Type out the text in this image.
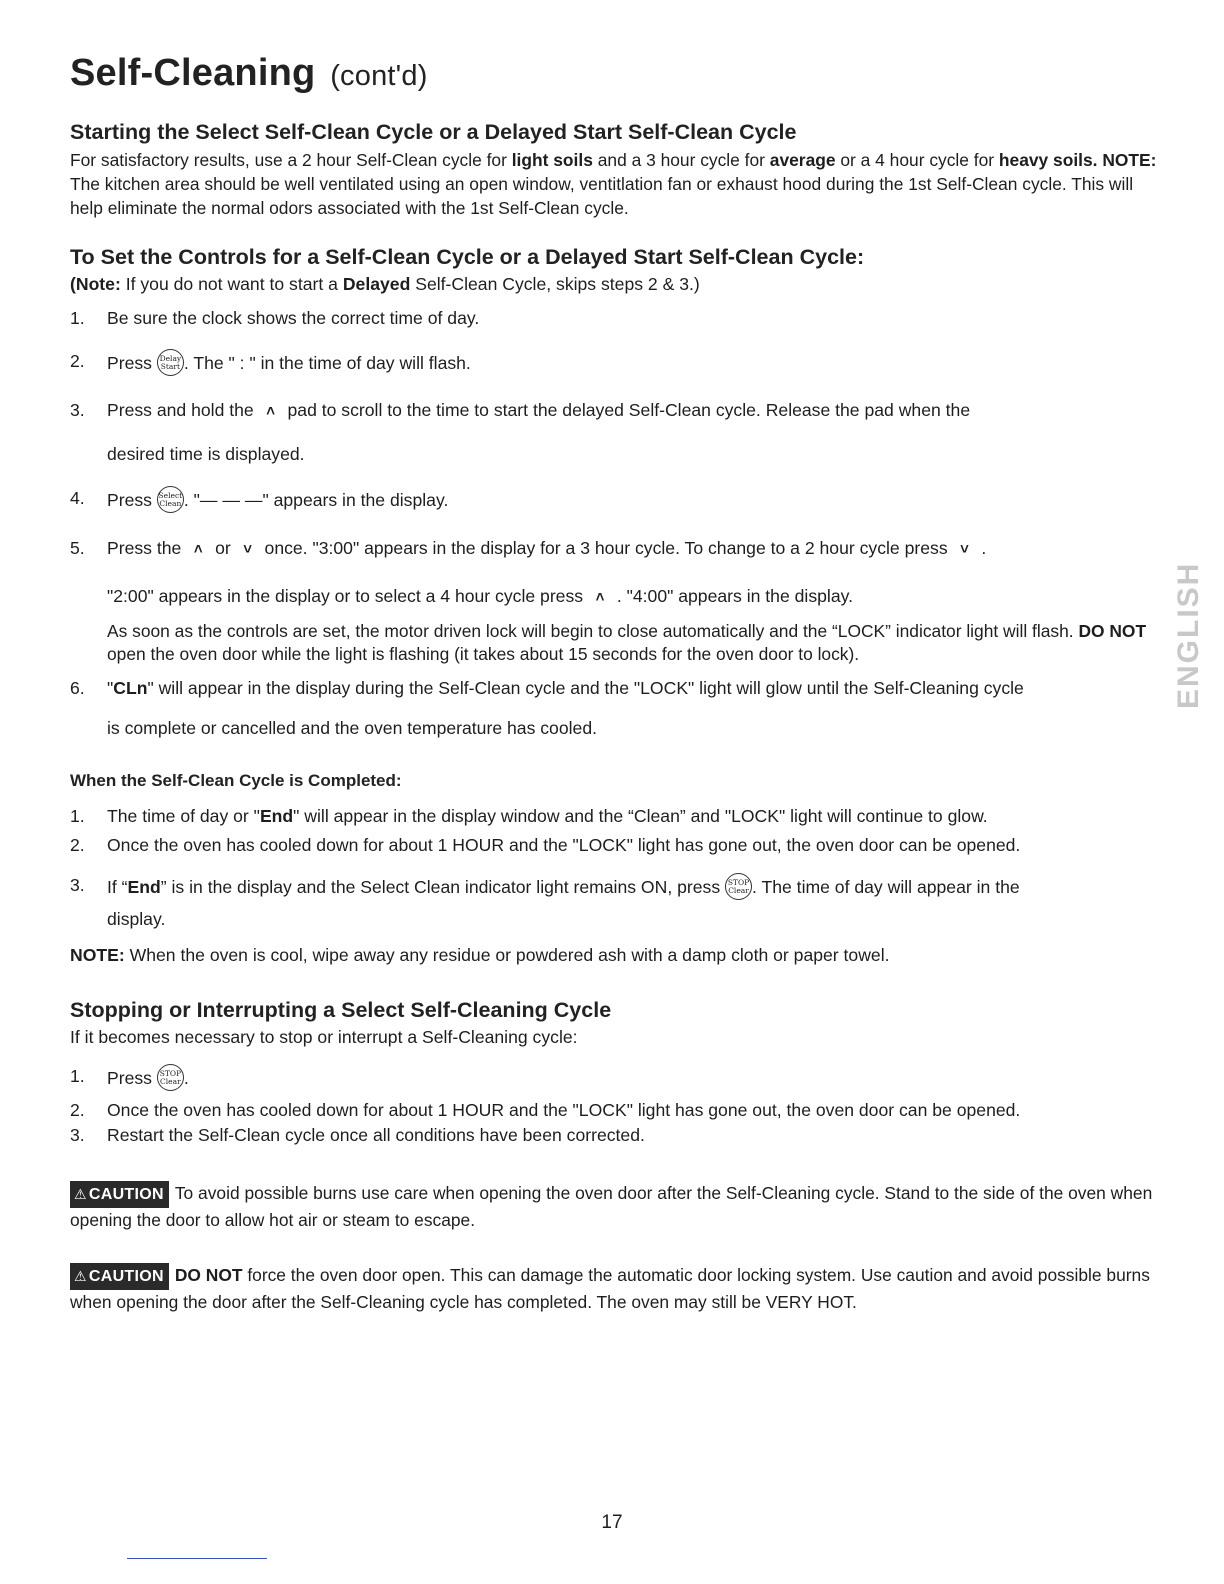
Self-Cleaning (cont'd)
Starting the Select Self-Clean Cycle or a Delayed Start Self-Clean Cycle
For satisfactory results, use a 2 hour Self-Clean cycle for light soils and a 3 hour cycle for average or a 4 hour cycle for heavy soils. NOTE: The kitchen area should be well ventilated using an open window, ventitlation fan or exhaust hood during the 1st Self-Clean cycle. This will help eliminate the normal odors associated with the 1st Self-Clean cycle.
To Set the Controls for a Self-Clean Cycle or a Delayed Start Self-Clean Cycle:
(Note: If you do not want to start a Delayed Self-Clean Cycle, skips steps 2 & 3.)
1. Be sure the clock shows the correct time of day.
2. Press Delay
Start . The " : " in the time of day will flash.
3. Press and hold the ˄ pad to scroll to the time to start the delayed Self-Clean cycle. Release the pad when the
desired time is displayed.
4. Press Select
Clean . "— — —" appears in the display.
5. Press the ˄ or ˅ once. "3:00" appears in the display for a 3 hour cycle. To change to a 2 hour cycle press ˅ .
"2:00" appears in the display or to select a 4 hour cycle press ˄ . "4:00" appears in the display.
As soon as the controls are set, the motor driven lock will begin to close automatically and the “LOCK” indicator light will flash. DO NOT open the oven door while the light is flashing (it takes about 15 seconds for the oven door to lock).
6. "CLn" will appear in the display during the Self-Clean cycle and the "LOCK" light will glow until the Self-Cleaning cycle
is complete or cancelled and the oven temperature has cooled.
When the Self-Clean Cycle is Completed:
1. The time of day or "End" will appear in the display window and the “Clean” and "LOCK" light will continue to glow.
2. Once the oven has cooled down for about 1 HOUR and the "LOCK" light has gone out, the oven door can be opened.
3. If “End” is in the display and the Select Clean indicator light remains ON, press STOP
Clear . The time of day will appear in the
display.
NOTE: When the oven is cool, wipe away any residue or powdered ash with a damp cloth or paper towel.
Stopping or Interrupting a Select Self-Cleaning Cycle
If it becomes necessary to stop or interrupt a Self-Cleaning cycle:
1. Press STOP
Clear .
2. Once the oven has cooled down for about 1 HOUR and the "LOCK" light has gone out, the oven door can be opened.
3. Restart the Self-Clean cycle once all conditions have been corrected.
⚠ CAUTION To avoid possible burns use care when opening the oven door after the Self-Cleaning cycle. Stand to the side of the oven when opening the door to allow hot air or steam to escape.
⚠ CAUTION DO NOT force the oven door open. This can damage the automatic door locking system. Use caution and avoid possible burns when opening the door after the Self-Cleaning cycle has completed. The oven may still be VERY HOT.
ENGLISH
17
